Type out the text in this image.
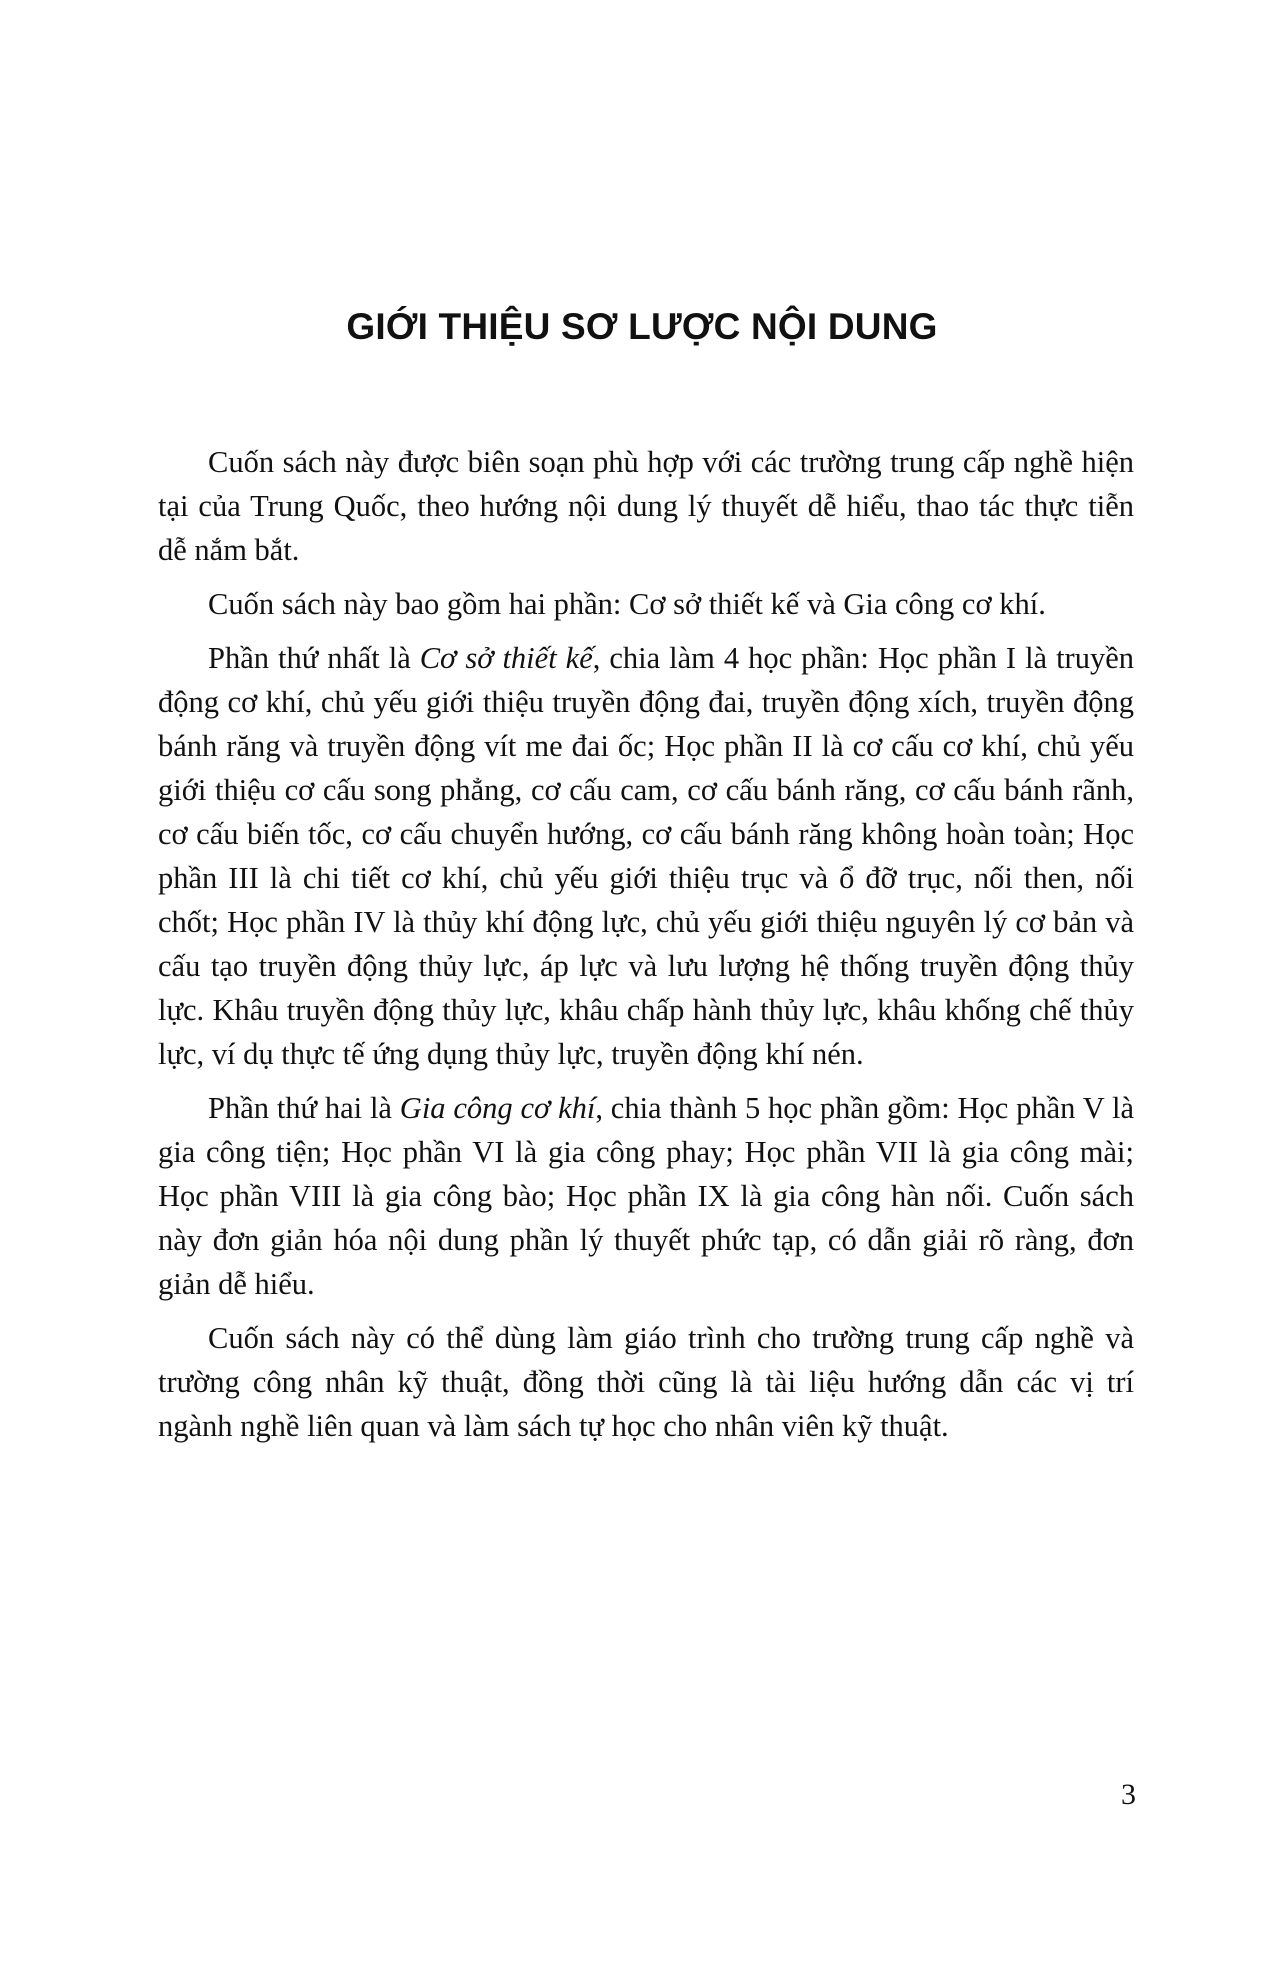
GIỚI THIỆU SƠ LƯỢC NỘI DUNG

Cuốn sách này được biên soạn phù hợp với các trường trung cấp nghề hiện tại của Trung Quốc, theo hướng nội dung lý thuyết dễ hiểu, thao tác thực tiễn dễ nắm bắt.

Cuốn sách này bao gồm hai phần: Cơ sở thiết kế và Gia công cơ khí.

Phần thứ nhất là Cơ sở thiết kế, chia làm 4 học phần: Học phần I là truyền động cơ khí, chủ yếu giới thiệu truyền động đai, truyền động xích, truyền động bánh răng và truyền động vít me đai ốc; Học phần II là cơ cấu cơ khí, chủ yếu giới thiệu cơ cấu song phẳng, cơ cấu cam, cơ cấu bánh răng, cơ cấu bánh rãnh, cơ cấu biến tốc, cơ cấu chuyển hướng, cơ cấu bánh răng không hoàn toàn; Học phần III là chi tiết cơ khí, chủ yếu giới thiệu trục và ổ đỡ trục, nối then, nối chốt; Học phần IV là thủy khí động lực, chủ yếu giới thiệu nguyên lý cơ bản và cấu tạo truyền động thủy lực, áp lực và lưu lượng hệ thống truyền động thủy lực. Khâu truyền động thủy lực, khâu chấp hành thủy lực, khâu khống chế thủy lực, ví dụ thực tế ứng dụng thủy lực, truyền động khí nén.

Phần thứ hai là Gia công cơ khí, chia thành 5 học phần gồm: Học phần V là gia công tiện; Học phần VI là gia công phay; Học phần VII là gia công mài; Học phần VIII là gia công bào; Học phần IX là gia công hàn nối. Cuốn sách này đơn giản hóa nội dung phần lý thuyết phức tạp, có dẫn giải rõ ràng, đơn giản dễ hiểu.

Cuốn sách này có thể dùng làm giáo trình cho trường trung cấp nghề và trường công nhân kỹ thuật, đồng thời cũng là tài liệu hướng dẫn các vị trí ngành nghề liên quan và làm sách tự học cho nhân viên kỹ thuật.

3
